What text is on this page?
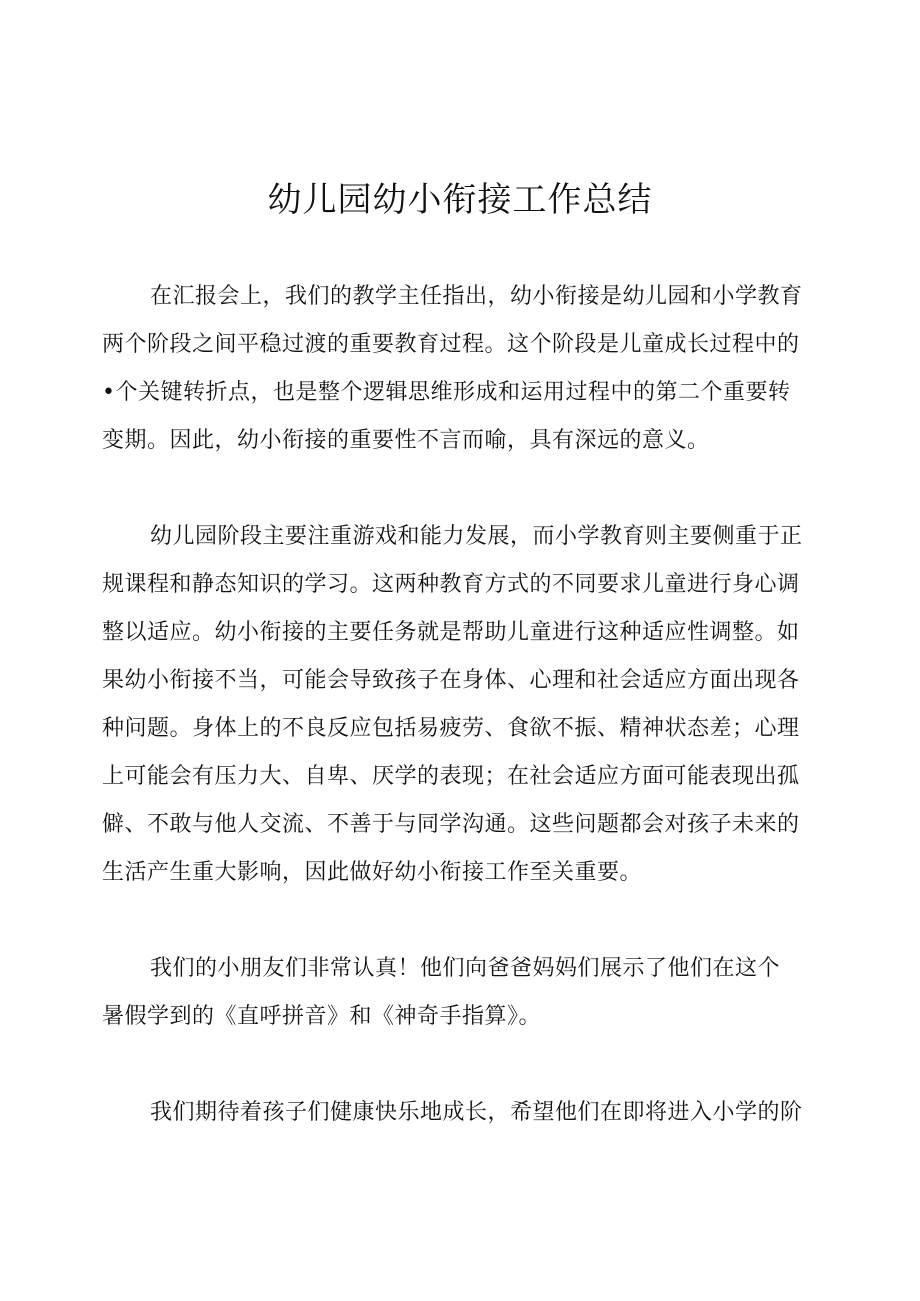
幼儿园幼小衔接工作总结
在汇报会上，我们的教学主任指出，幼小衔接是幼儿园和小学教育
两个阶段之间平稳过渡的重要教育过程。这个阶段是儿童成长过程中的
•个关键转折点，也是整个逻辑思维形成和运用过程中的第二个重要转
变期。因此，幼小衔接的重要性不言而喻，具有深远的意义。
幼儿园阶段主要注重游戏和能力发展，而小学教育则主要侧重于正
规课程和静态知识的学习。这两种教育方式的不同要求儿童进行身心调
整以适应。幼小衔接的主要任务就是帮助儿童进行这种适应性调整。如
果幼小衔接不当，可能会导致孩子在身体、心理和社会适应方面出现各
种问题。身体上的不良反应包括易疲劳、食欲不振、精神状态差；心理
上可能会有压力大、自卑、厌学的表现；在社会适应方面可能表现出孤
僻、不敢与他人交流、不善于与同学沟通。这些问题都会对孩子未来的
生活产生重大影响，因此做好幼小衔接工作至关重要。
我们的小朋友们非常认真！他们向爸爸妈妈们展示了他们在这个
暑假学到的《直呼拼音》和《神奇手指算》。
我们期待着孩子们健康快乐地成长，希望他们在即将进入小学的阶
